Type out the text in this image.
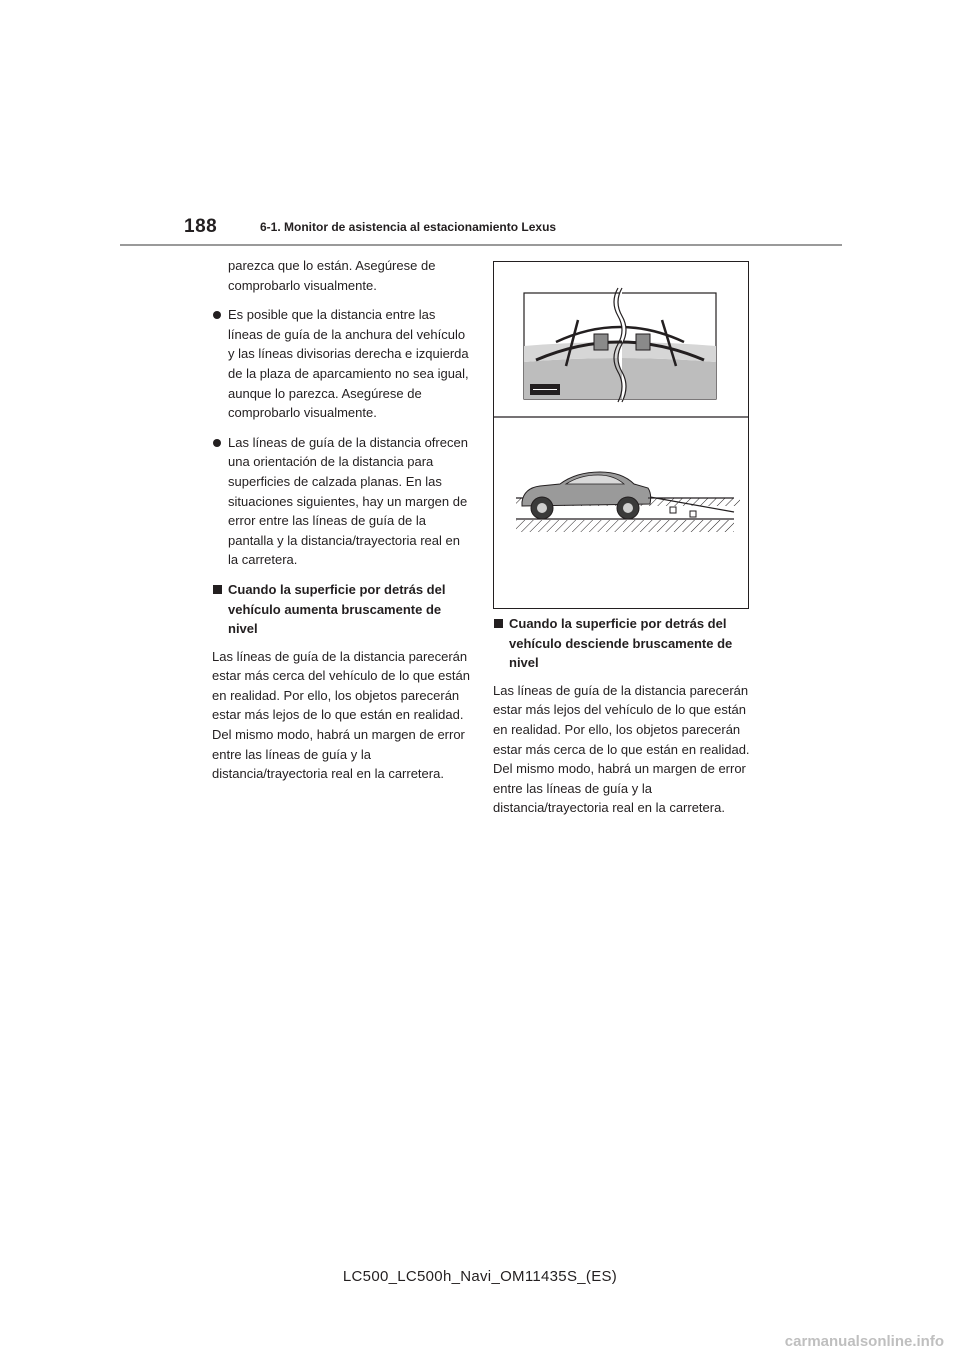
188	6-1. Monitor de asistencia al estacionamiento Lexus

parezca que lo están. Asegúrese de comprobarlo visualmente.

Es posible que la distancia entre las líneas de guía de la anchura del vehículo y las líneas divisorias derecha e izquierda de la plaza de aparcamiento no sea igual, aunque lo parezca. Asegúrese de comprobarlo visualmente.

Las líneas de guía de la distancia ofrecen una orientación de la distancia para superficies de calzada planas. En las situaciones siguientes, hay un margen de error entre las líneas de guía de la pantalla y la distancia/trayectoria real en la carretera.

Cuando la superficie por detrás del vehículo aumenta bruscamente de nivel

Las líneas de guía de la distancia parecerán estar más cerca del vehículo de lo que están en realidad. Por ello, los objetos parecerán estar más lejos de lo que están en realidad. Del mismo modo, habrá un margen de error entre las líneas de guía y la distancia/trayectoria real en la carretera.

Cuando la superficie por detrás del vehículo desciende bruscamente de nivel

Las líneas de guía de la distancia parecerán estar más lejos del vehículo de lo que están en realidad. Por ello, los objetos parecerán estar más cerca de lo que están en realidad. Del mismo modo, habrá un margen de error entre las líneas de guía y la distancia/trayectoria real en la carretera.

LC500_LC500h_Navi_OM11435S_(ES)
carmanualsonline.info
